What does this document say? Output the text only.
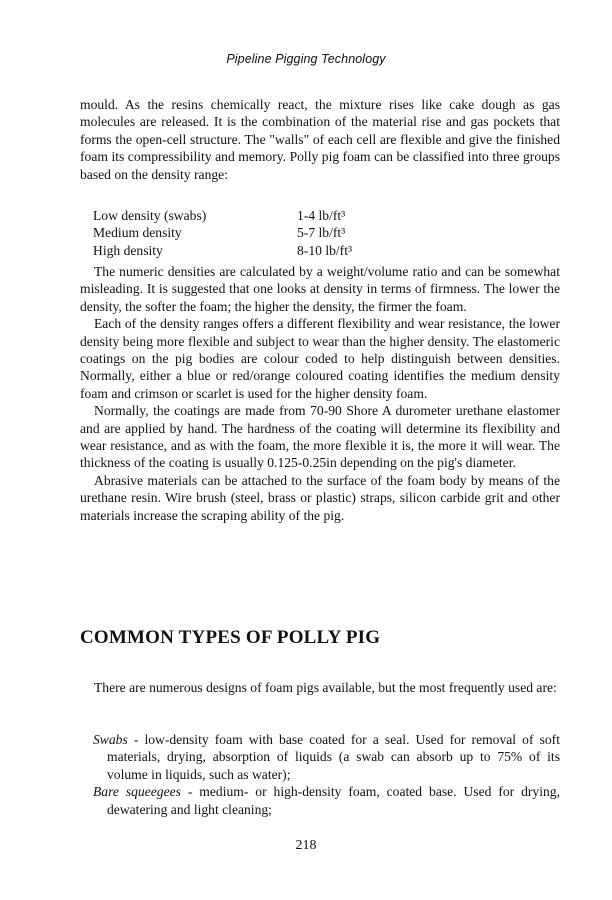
Pipeline Pigging Technology

mould. As the resins chemically react, the mixture rises like cake dough as gas molecules are released. It is the combination of the material rise and gas pockets that forms the open-cell structure. The "walls" of each cell are flexible and give the finished foam its compressibility and memory. Polly pig foam can be classified into three groups based on the density range:

Low density (swabs)	1-4 lb/ft³
Medium density	5-7 lb/ft³
High density	8-10 lb/ft³

The numeric densities are calculated by a weight/volume ratio and can be somewhat misleading. It is suggested that one looks at density in terms of firmness. The lower the density, the softer the foam; the higher the density, the firmer the foam.

Each of the density ranges offers a different flexibility and wear resistance, the lower density being more flexible and subject to wear than the higher density. The elastomeric coatings on the pig bodies are colour coded to help distinguish between densities. Normally, either a blue or red/orange coloured coating identifies the medium density foam and crimson or scarlet is used for the higher density foam.

Normally, the coatings are made from 70-90 Shore A durometer urethane elastomer and are applied by hand. The hardness of the coating will determine its flexibility and wear resistance, and as with the foam, the more flexible it is, the more it will wear. The thickness of the coating is usually 0.125-0.25in depending on the pig's diameter.

Abrasive materials can be attached to the surface of the foam body by means of the urethane resin. Wire brush (steel, brass or plastic) straps, silicon carbide grit and other materials increase the scraping ability of the pig.

COMMON TYPES OF POLLY PIG

There are numerous designs of foam pigs available, but the most frequently used are:

Swabs - low-density foam with base coated for a seal. Used for removal of soft materials, drying, absorption of liquids (a swab can absorb up to 75% of its volume in liquids, such as water);

Bare squeegees - medium- or high-density foam, coated base. Used for drying, dewatering and light cleaning;

218
